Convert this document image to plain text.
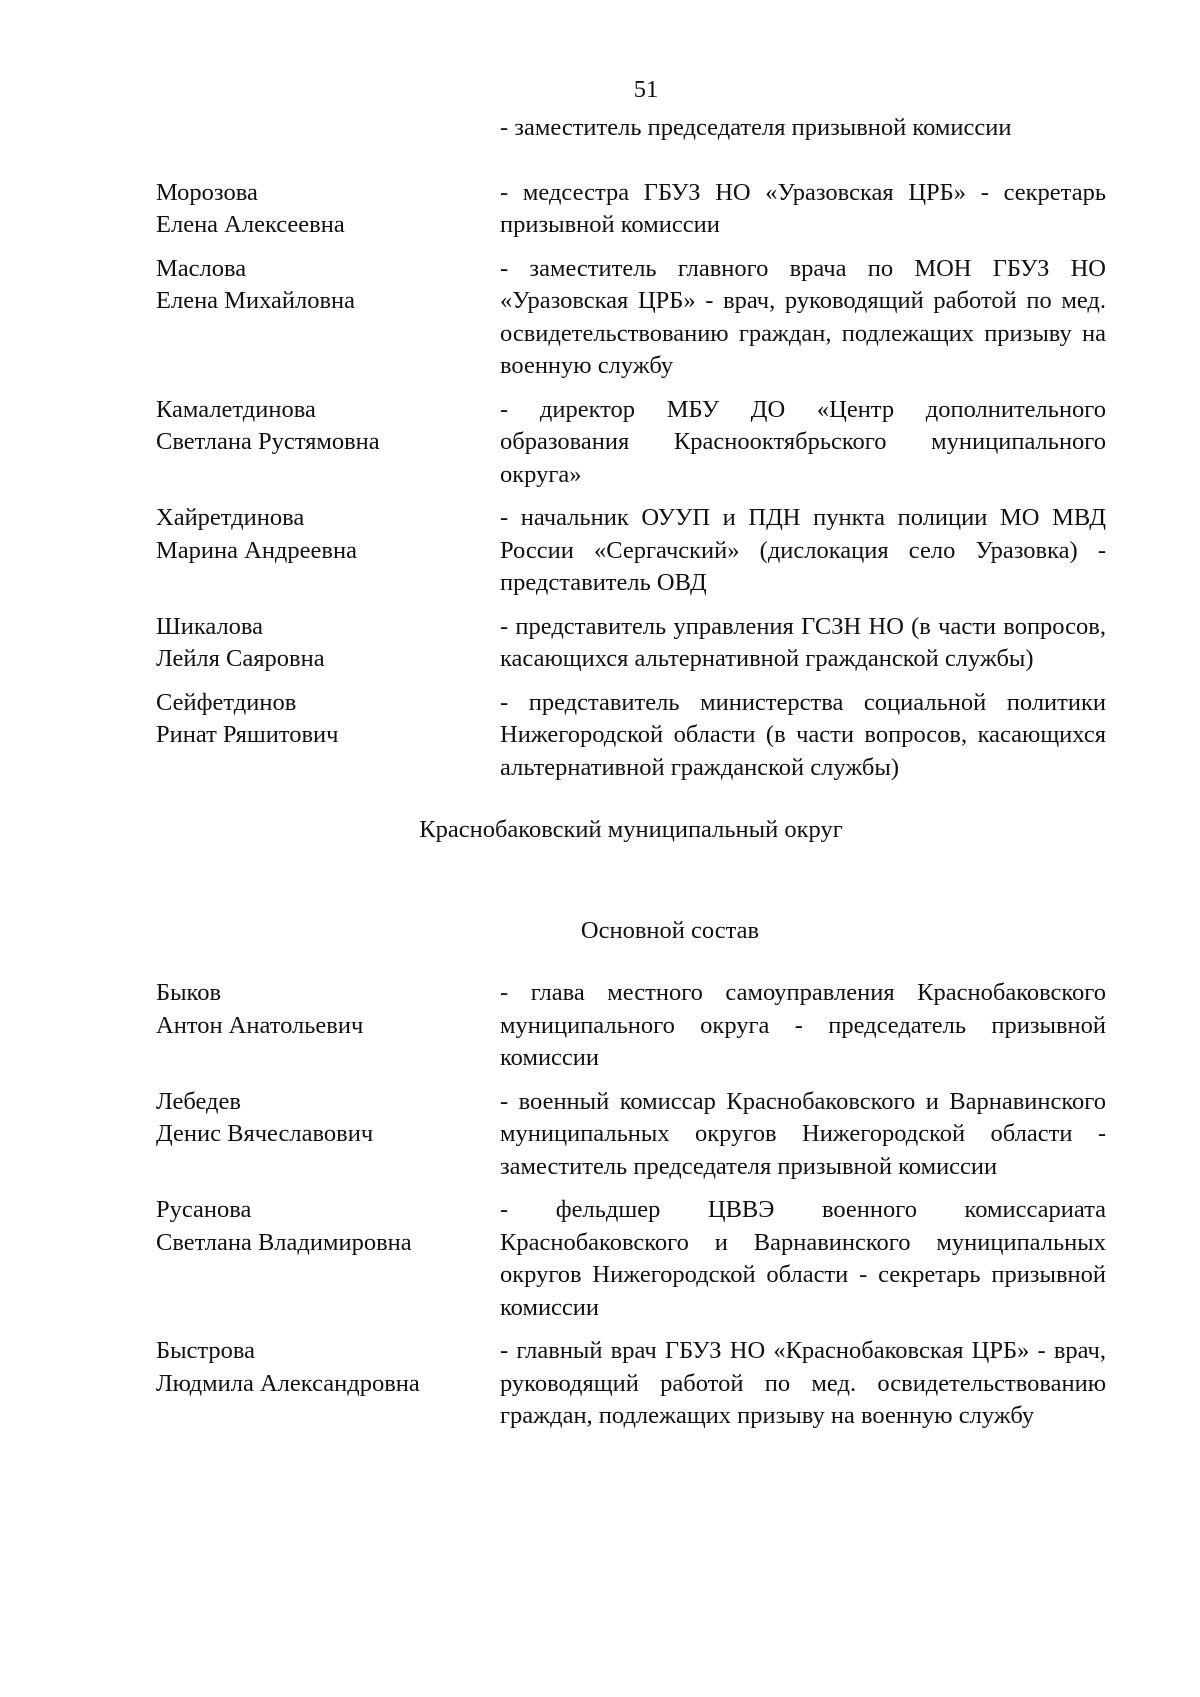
51
- заместитель председателя призывной комиссии
Морозова
Елена Алексеевна

- медсестра ГБУЗ НО «Уразовская ЦРБ» - секретарь призывной комиссии

Маслова
Елена Михайловна

- заместитель главного врача по МОН ГБУЗ НО «Уразовская ЦРБ» - врач, руководящий работой по мед. освидетельствованию граждан, подлежащих призыву на военную службу

Камалетдинова
Светлана Рустямовна

- директор МБУ ДО «Центр дополнительного образования Краснооктябрьского муниципального округа»

Хайретдинова
Марина Андреевна

- начальник ОУУП и ПДН пункта полиции МО МВД России «Сергачский» (дислокация село Уразовка) - представитель ОВД

Шикалова
Лейля Саяровна

- представитель управления ГСЗН НО (в части вопросов, касающихся альтернативной гражданской службы)

Сейфетдинов
Ринат Ряшитович

- представитель министерства социальной политики Нижегородской области (в части вопросов, касающихся альтернативной гражданской службы)

Краснобаковский муниципальный округ
Основной состав
Быков
Антон Анатольевич

- глава местного самоуправления Краснобаковского муниципального округа - председатель призывной комиссии

Лебедев
Денис Вячеславович

- военный комиссар Краснобаковского и Варнавинского муниципальных округов Нижегородской области - заместитель председателя призывной комиссии

Русанова
Светлана Владимировна

- фельдшер ЦВВЭ военного комиссариата Краснобаковского и Варнавинского муниципальных округов Нижегородской области - секретарь призывной комиссии

Быстрова
Людмила Александровна

- главный врач ГБУЗ НО «Краснобаковская ЦРБ» - врач, руководящий работой по мед. освидетельствованию граждан, подлежащих призыву на военную службу
